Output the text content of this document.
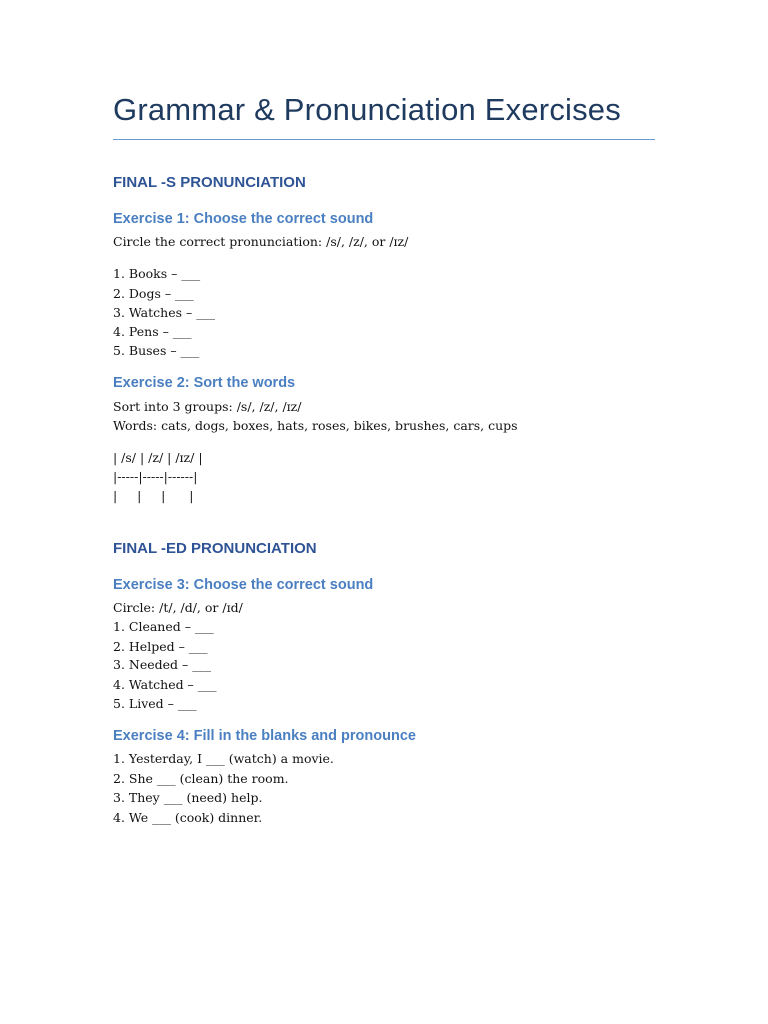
Grammar & Pronunciation Exercises
FINAL -S PRONUNCIATION
Exercise 1: Choose the correct sound
Circle the correct pronunciation: /s/, /z/, or /ɪz/
1. Books – ___
2. Dogs – ___
3. Watches – ___
4. Pens – ___
5. Buses – ___
Exercise 2: Sort the words
Sort into 3 groups: /s/, /z/, /ɪz/
Words: cats, dogs, boxes, hats, roses, bikes, brushes, cars, cups
| /s/ | /z/ | /ɪz/ |
|-----|-----|------|
|     |     |      |
FINAL -ED PRONUNCIATION
Exercise 3: Choose the correct sound
Circle: /t/, /d/, or /ɪd/
1. Cleaned – ___
2. Helped – ___
3. Needed – ___
4. Watched – ___
5. Lived – ___
Exercise 4: Fill in the blanks and pronounce
1. Yesterday, I ___ (watch) a movie.
2. She ___ (clean) the room.
3. They ___ (need) help.
4. We ___ (cook) dinner.
